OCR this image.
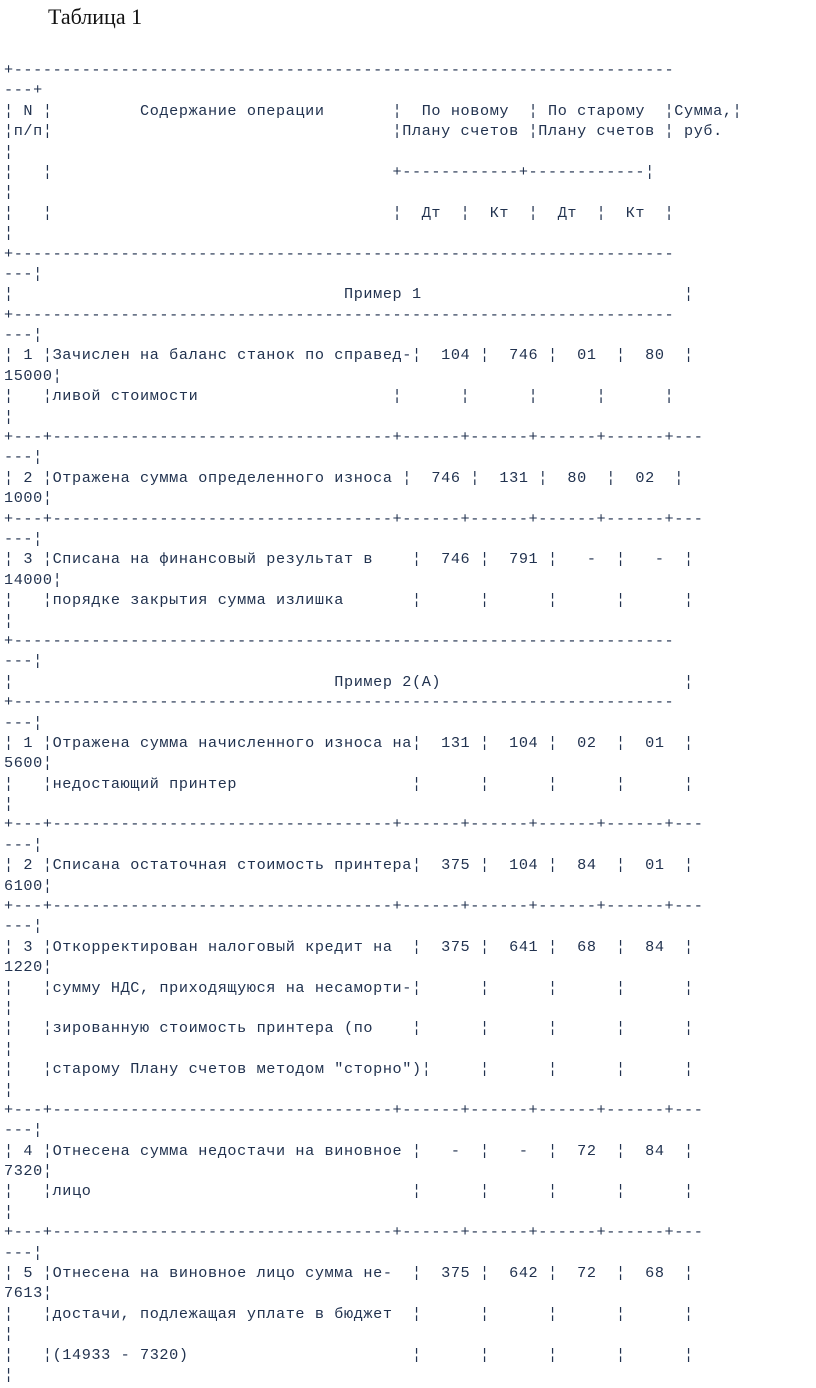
Таблица 1
+--------------------------------------------------------------------
---+
¦ N ¦         Содержание операции       ¦  По новому  ¦ По старому  ¦Сумма,¦
¦п/п¦                                   ¦Плану счетов ¦Плану счетов ¦ руб.
¦
¦   ¦                                   +------------+------------¦
¦
¦   ¦                                   ¦  Дт  ¦  Кт  ¦  Дт  ¦  Кт  ¦
¦
+--------------------------------------------------------------------
---¦
¦                                  Пример 1                           ¦
+--------------------------------------------------------------------
---¦
¦ 1 ¦Зачислен на баланс станок по справед-¦  104 ¦  746 ¦  01  ¦  80  ¦
15000¦
¦   ¦ливой стоимости                    ¦      ¦      ¦      ¦      ¦
¦
+---+-----------------------------------+------+------+------+------+---
---¦
¦ 2 ¦Отражена сумма определенного износа ¦  746 ¦  131 ¦  80  ¦  02  ¦
1000¦
+---+-----------------------------------+------+------+------+------+---
---¦
¦ 3 ¦Списана на финансовый результат в    ¦  746 ¦  791 ¦   -  ¦   -  ¦
14000¦
¦   ¦порядке закрытия сумма излишка       ¦      ¦      ¦      ¦      ¦
¦
+--------------------------------------------------------------------
---¦
¦                                 Пример 2(А)                         ¦
+--------------------------------------------------------------------
---¦
¦ 1 ¦Отражена сумма начисленного износа на¦  131 ¦  104 ¦  02  ¦  01  ¦
5600¦
¦   ¦недостающий принтер                  ¦      ¦      ¦      ¦      ¦
¦
+---+-----------------------------------+------+------+------+------+---
---¦
¦ 2 ¦Списана остаточная стоимость принтера¦  375 ¦  104 ¦  84  ¦  01  ¦
6100¦
+---+-----------------------------------+------+------+------+------+---
---¦
¦ 3 ¦Откорректирован налоговый кредит на  ¦  375 ¦  641 ¦  68  ¦  84  ¦
1220¦
¦   ¦сумму НДС, приходящуюся на несаморти-¦      ¦      ¦      ¦      ¦
¦
¦   ¦зированную стоимость принтера (по    ¦      ¦      ¦      ¦      ¦
¦
¦   ¦старому Плану счетов методом "сторно")¦     ¦      ¦      ¦      ¦
¦
+---+-----------------------------------+------+------+------+------+---
---¦
¦ 4 ¦Отнесена сумма недостачи на виновное ¦   -  ¦   -  ¦  72  ¦  84  ¦
7320¦
¦   ¦лицо                                 ¦      ¦      ¦      ¦      ¦
¦
+---+-----------------------------------+------+------+------+------+---
---¦
¦ 5 ¦Отнесена на виновное лицо сумма не-  ¦  375 ¦  642 ¦  72  ¦  68  ¦
7613¦
¦   ¦достачи, подлежащая уплате в бюджет  ¦      ¦      ¦      ¦      ¦
¦
¦   ¦(14933 - 7320)                       ¦      ¦      ¦      ¦      ¦
¦
